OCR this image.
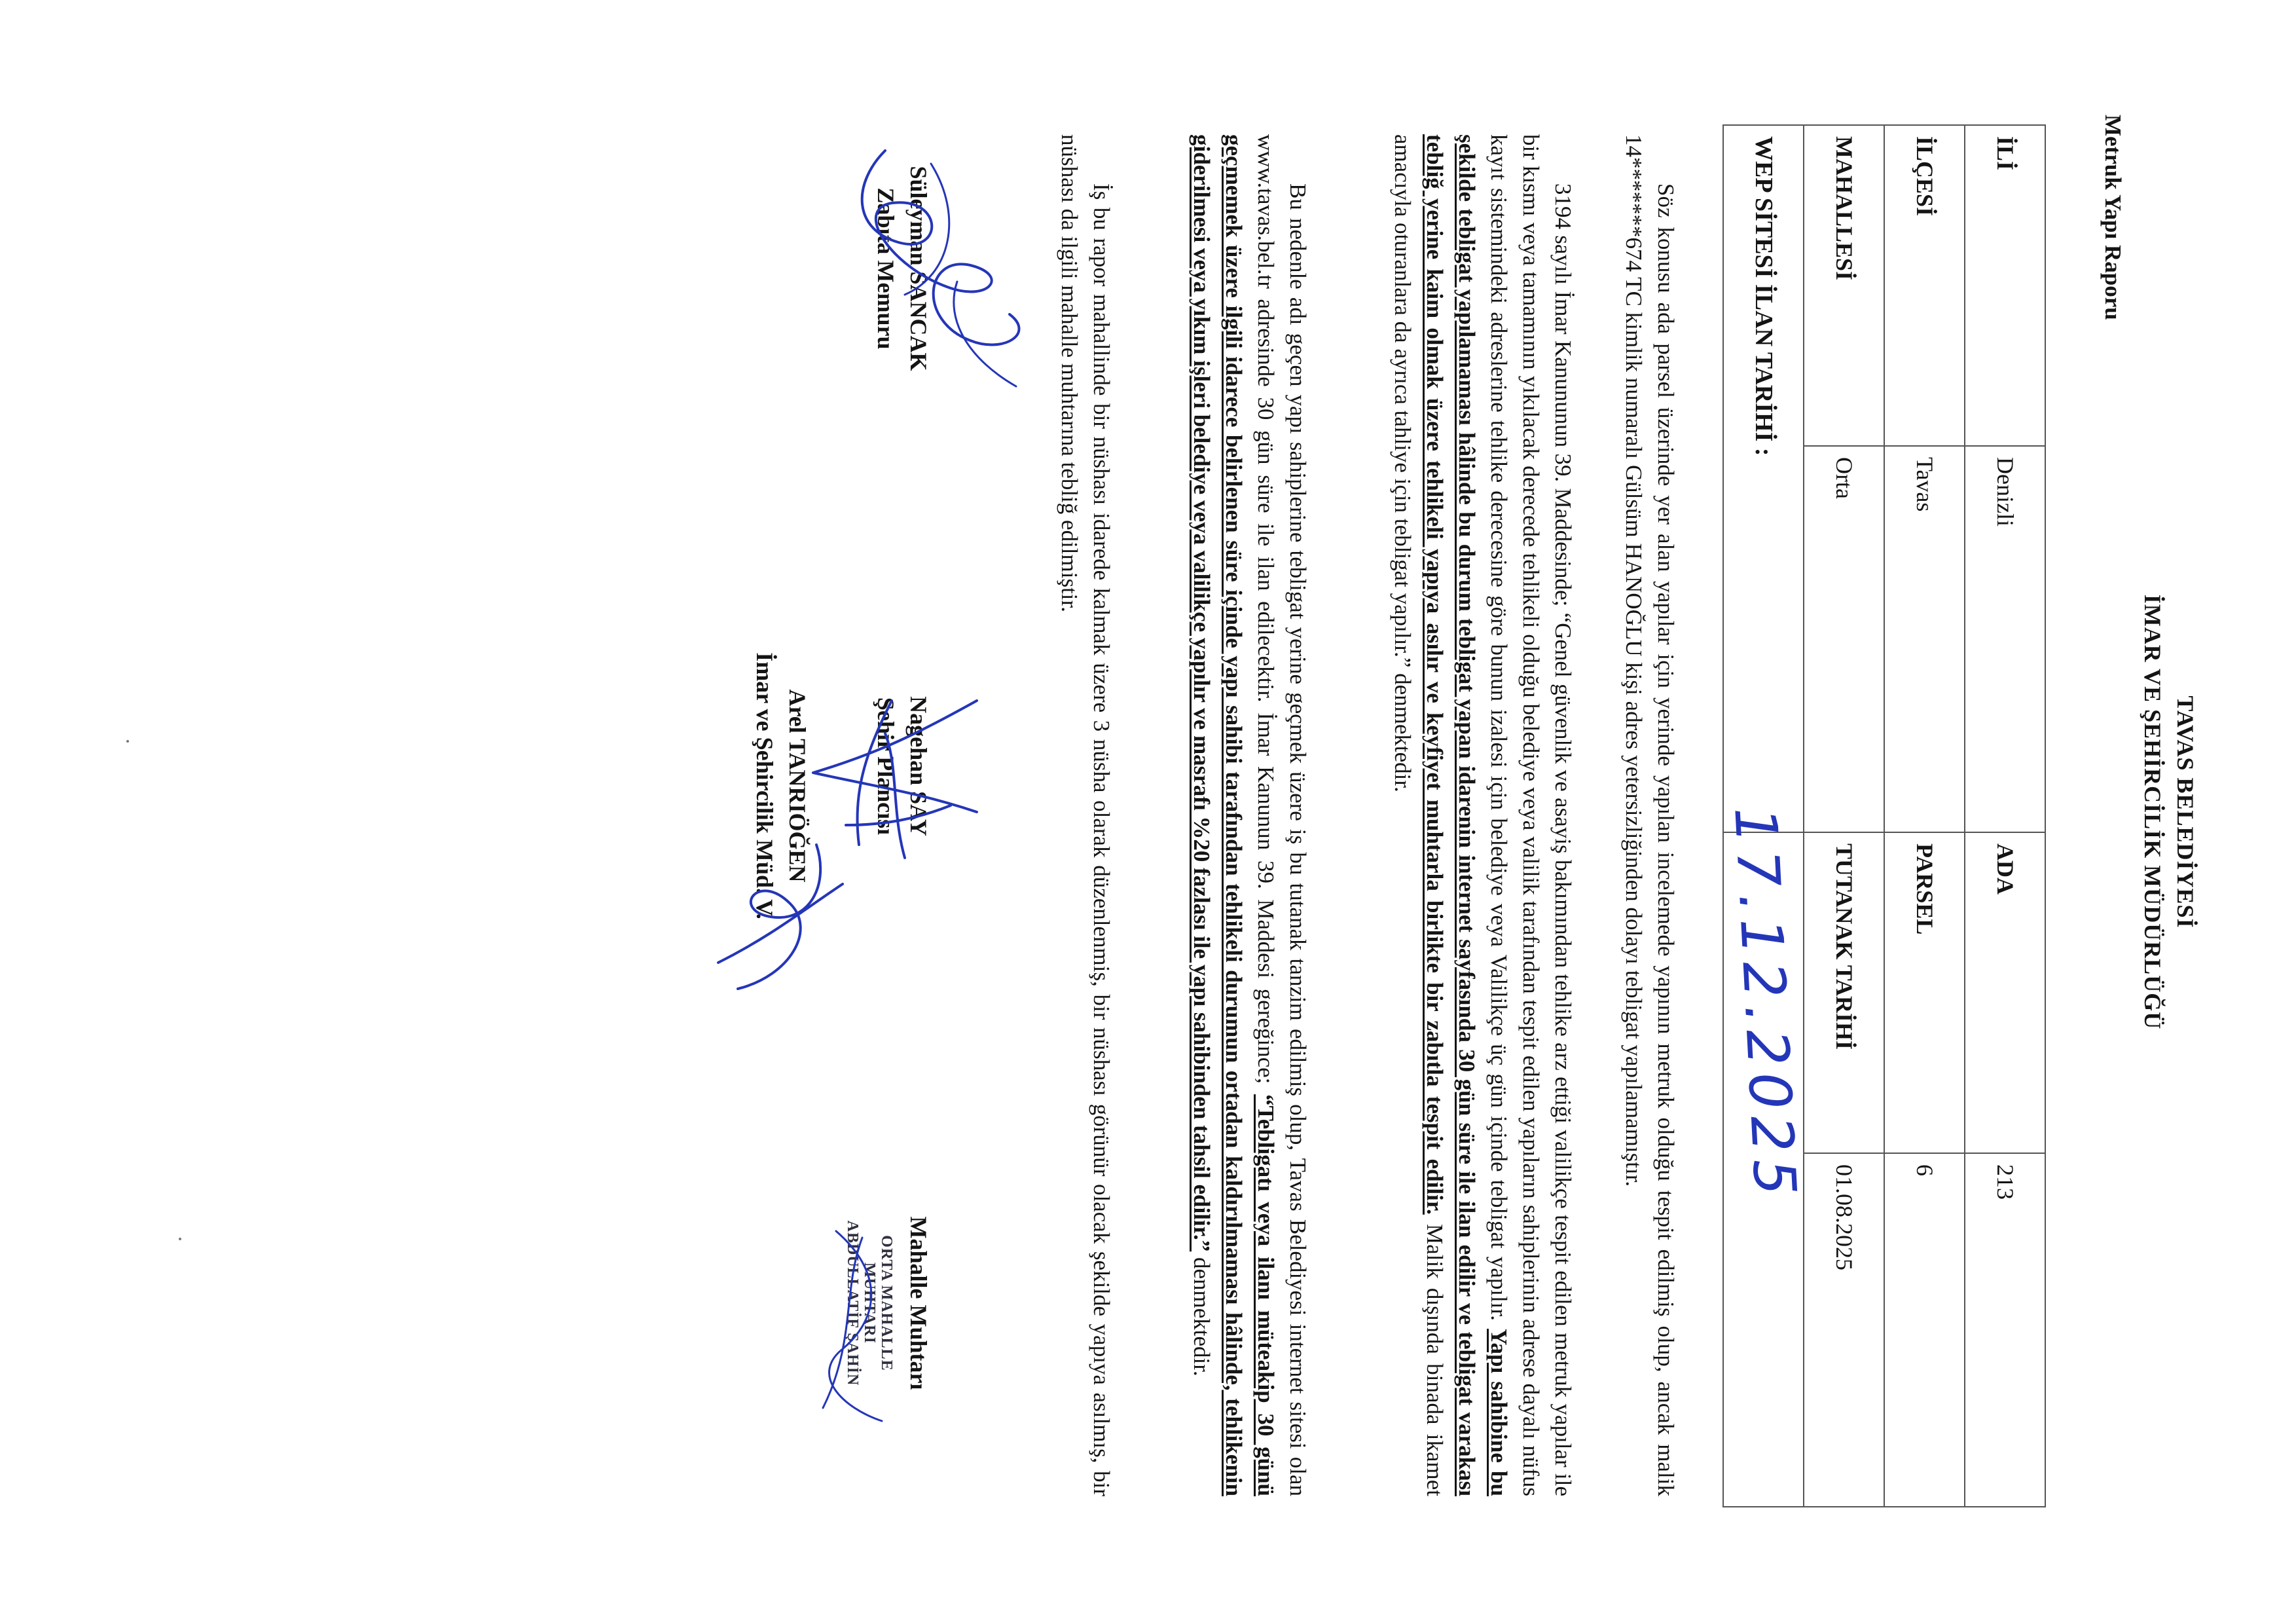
TAVAS BELEDİYESİ
İMAR VE ŞEHİRCİLİK MÜDÜRLÜĞÜ
Metruk Yapı Raporu
İLİ	Denizli	ADA	213
İLÇESİ	Tavas	PARSEL	6
MAHALLESİ	Orta	TUTANAK TARİHİ	01.08.2025
WEP SİTESİ İLAN TARİHİ :		17.12.2025	

Söz konusu ada parsel üzerinde yer alan yapılar için yerinde yapılan incelemede yapının metruk olduğu tespit edilmiş olup, ancak malik 14*******674 TC kimlik numaralı Gülsüm HANOĞLU kişi adres yetersizliğinden dolayı tebligat yapılamamıştır.

3194 sayılı İmar Kanununun 39. Maddesinde; “Genel güvenlik ve asayiş bakımından tehlike arz ettiği valilikçe tespit edilen metruk yapılar ile bir kısmı veya tamamının yıkılacak derecede tehlikeli olduğu belediye veya valilik tarafından tespit edilen yapıların sahiplerinin adrese dayalı nüfus kayıt sistemindeki adreslerine tehlike derecesine göre bunun izalesi için belediye veya Valilikçe üç gün içinde tebligat yapılır. Yapı sahibine bu şekilde tebligat yapılamaması hâlinde bu durum tebligat yapan idarenin internet sayfasında 30 gün süre ile ilan edilir ve tebligat varakası tebliğ yerine kaim olmak üzere tehlikeli yapıya asılır ve keyfiyet muhtarla birlikte bir zabıtla tespit edilir. Malik dışında binada ikamet amacıyla oturanlara da ayrıca tahliye için tebligat yapılır.” denmektedir.

Bu nedenle adı geçen yapı sahiplerine tebligat yerine geçmek üzere iş bu tutanak tanzim edilmiş olup, Tavas Belediyesi internet sitesi olan www.tavas.bel.tr adresinde 30 gün süre ile ilan edilecektir. İmar Kanunun 39. Maddesi gereğince; “Tebligatı veya ilanı müteakip 30 günü geçmemek üzere ilgili idarece belirlenen süre içinde yapı sahibi tarafından tehlikeli durumun ortadan kaldırılmaması hâlinde, tehlikenin giderilmesi veya yıkım işleri belediye veya valilikçe yapılır ve masrafı %20 fazlası ile yapı sahibinden tahsil edilir.” denmektedir.

İş bu rapor mahallinde bir nüshası idarede kalmak üzere 3 nüsha olarak düzenlenmiş, bir nüshası görünür olacak şekilde yapıya asılmış, bir nüshası da ilgili mahalle muhtarına tebliğ edilmiştir.

Süleyman SANCAK
Zabıta Memuru
Nagehan SAY
Şehir Plancısı
Mahalle Muhtarı
ORTA MAHALLE
MUHTARI
ABDULLATİF ŞAHİN
Arel TANRIÖĞEN
İmar ve Şehircilik Müd. V.
